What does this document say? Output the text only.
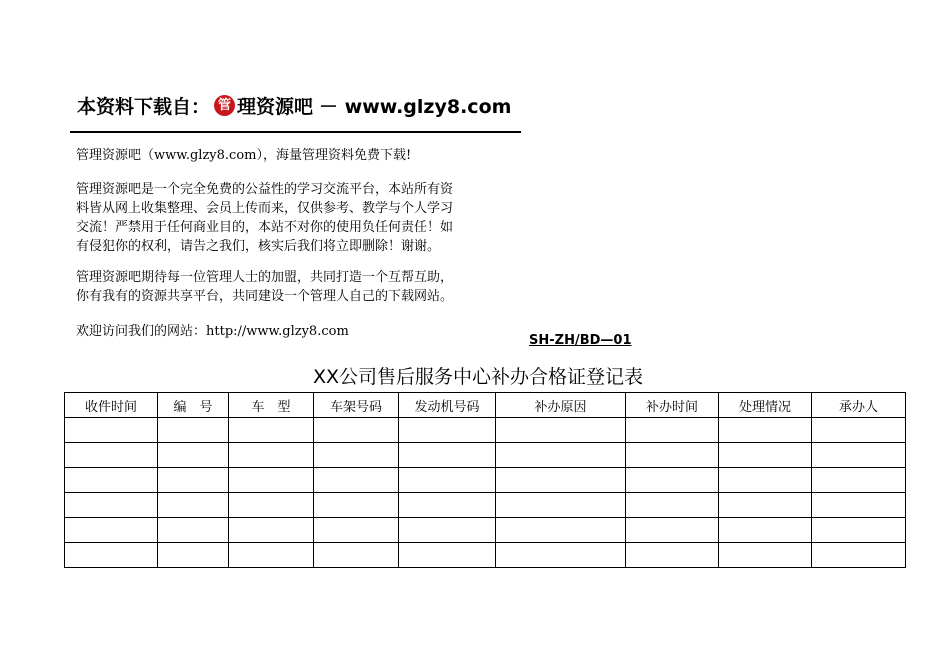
本资料下载自： 管 理资源吧 － www.glzy8.com
管理资源吧（www.glzy8.com），海量管理资料免费下载!
管理资源吧是一个完全免费的公益性的学习交流平台，本站所有资
料皆从网上收集整理、会员上传而来，仅供参考、教学与个人学习
交流！严禁用于任何商业目的，本站不对你的使用负任何责任！如
有侵犯你的权利，请告之我们，核实后我们将立即删除！谢谢。
管理资源吧期待每一位管理人士的加盟，共同打造一个互帮互助，
你有我有的资源共享平台，共同建设一个管理人自己的下载网站。
欢迎访问我们的网站：http://www.glzy8.com
SH-ZH/BD—01
XX公司售后服务中心补办合格证登记表
收件时间	编　号	车　型	车架号码	发动机号码	补办原因	补办时间	处理情况	承办人
